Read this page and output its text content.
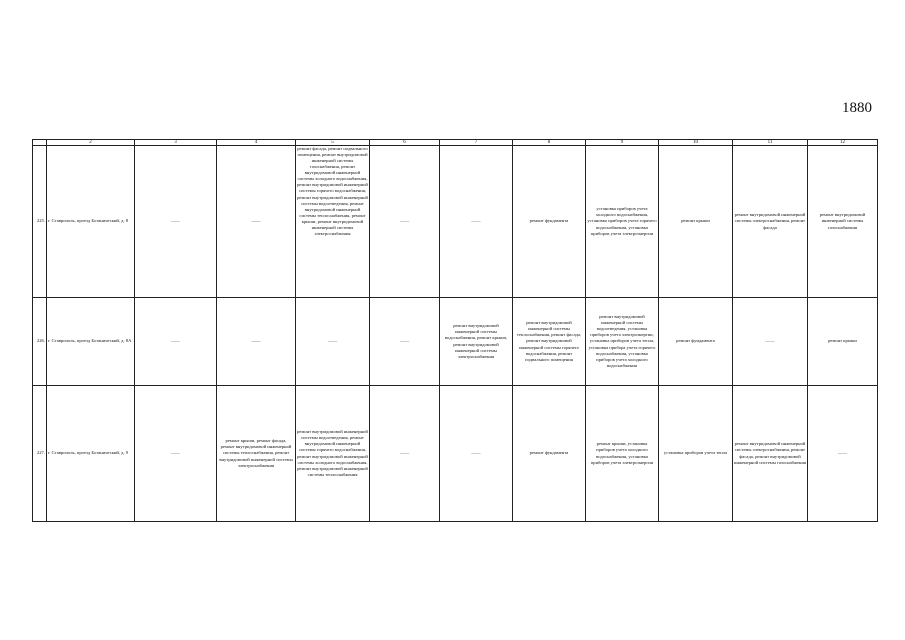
1880
	2	3	4	5	6	7	8	9	10	11	12
225.	г. Ставрополь, проезд Ботанический, д. 8	——	——	ремонт фасада, ремонт подвального помещения, ремонт внутридомовой инженерной системы газоснабжения, ремонт внутридомовой инженерной системы холодного водоснабжения, ремонт внутридомовой инженерной системы горячего водоснабжения, ремонт внутридомовой инженерной системы водоотведения, ремонт внутридомовой инженерной системы теплоснабжения, ремонт крыши, ремонт внутридомовой инженерной системы электроснабжения	——	——	ремонт фундамента	установка приборов учета холодного водоснабжения, установка приборов учета горячего водоснабжения, установка приборов учета электроэнергии	ремонт крыши	ремонт внутридомовой инженерной системы электроснабжения, ремонт фасада	ремонт внутридомовой инженерной системы газоснабжения
226.	г. Ставрополь, проезд Ботанический, д. 8А	——	——	——	——	ремонт внутридомовой инженерной системы водоснабжения, ремонт крыши, ремонт внутридомовой инженерной системы электроснабжения	ремонт внутридомовой инженерной системы теплоснабжения, ремонт фасада, ремонт внутридомовой инженерной системы горячего водоснабжения, ремонт подвального помещения	ремонт внутридомовой инженерной системы водоотведения, установка приборов учета электроэнергии, установка приборов учета тепла, установка прибора учета горячего водоснабжения, установка приборов учета холодного водоснабжения	ремонт фундамента	——	ремонт крыши
227.	г. Ставрополь, проезд Ботанический, д. 9	——	ремонт крыши, ремонт фасада, ремонт внутридомовой инженерной системы теплоснабжения, ремонт внутридомовой инженерной системы электроснабжения	ремонт внутридомовой инженерной системы водоотведения, ремонт внутридомовой инженерной системы горячего водоснабжения, ремонт внутридомовой инженерной системы холодного водоснабжения, ремонт внутридомовой инженерной системы теплоснабжения	——	——	ремонт фундамента	ремонт крыши, установка приборов учета холодного водоснабжения, установка приборов учета электроэнергии	установка приборов учета тепла	ремонт внутридомовой инженерной системы электроснабжения, ремонт фасада, ремонт внутридомовой инженерной системы газоснабжения	——
